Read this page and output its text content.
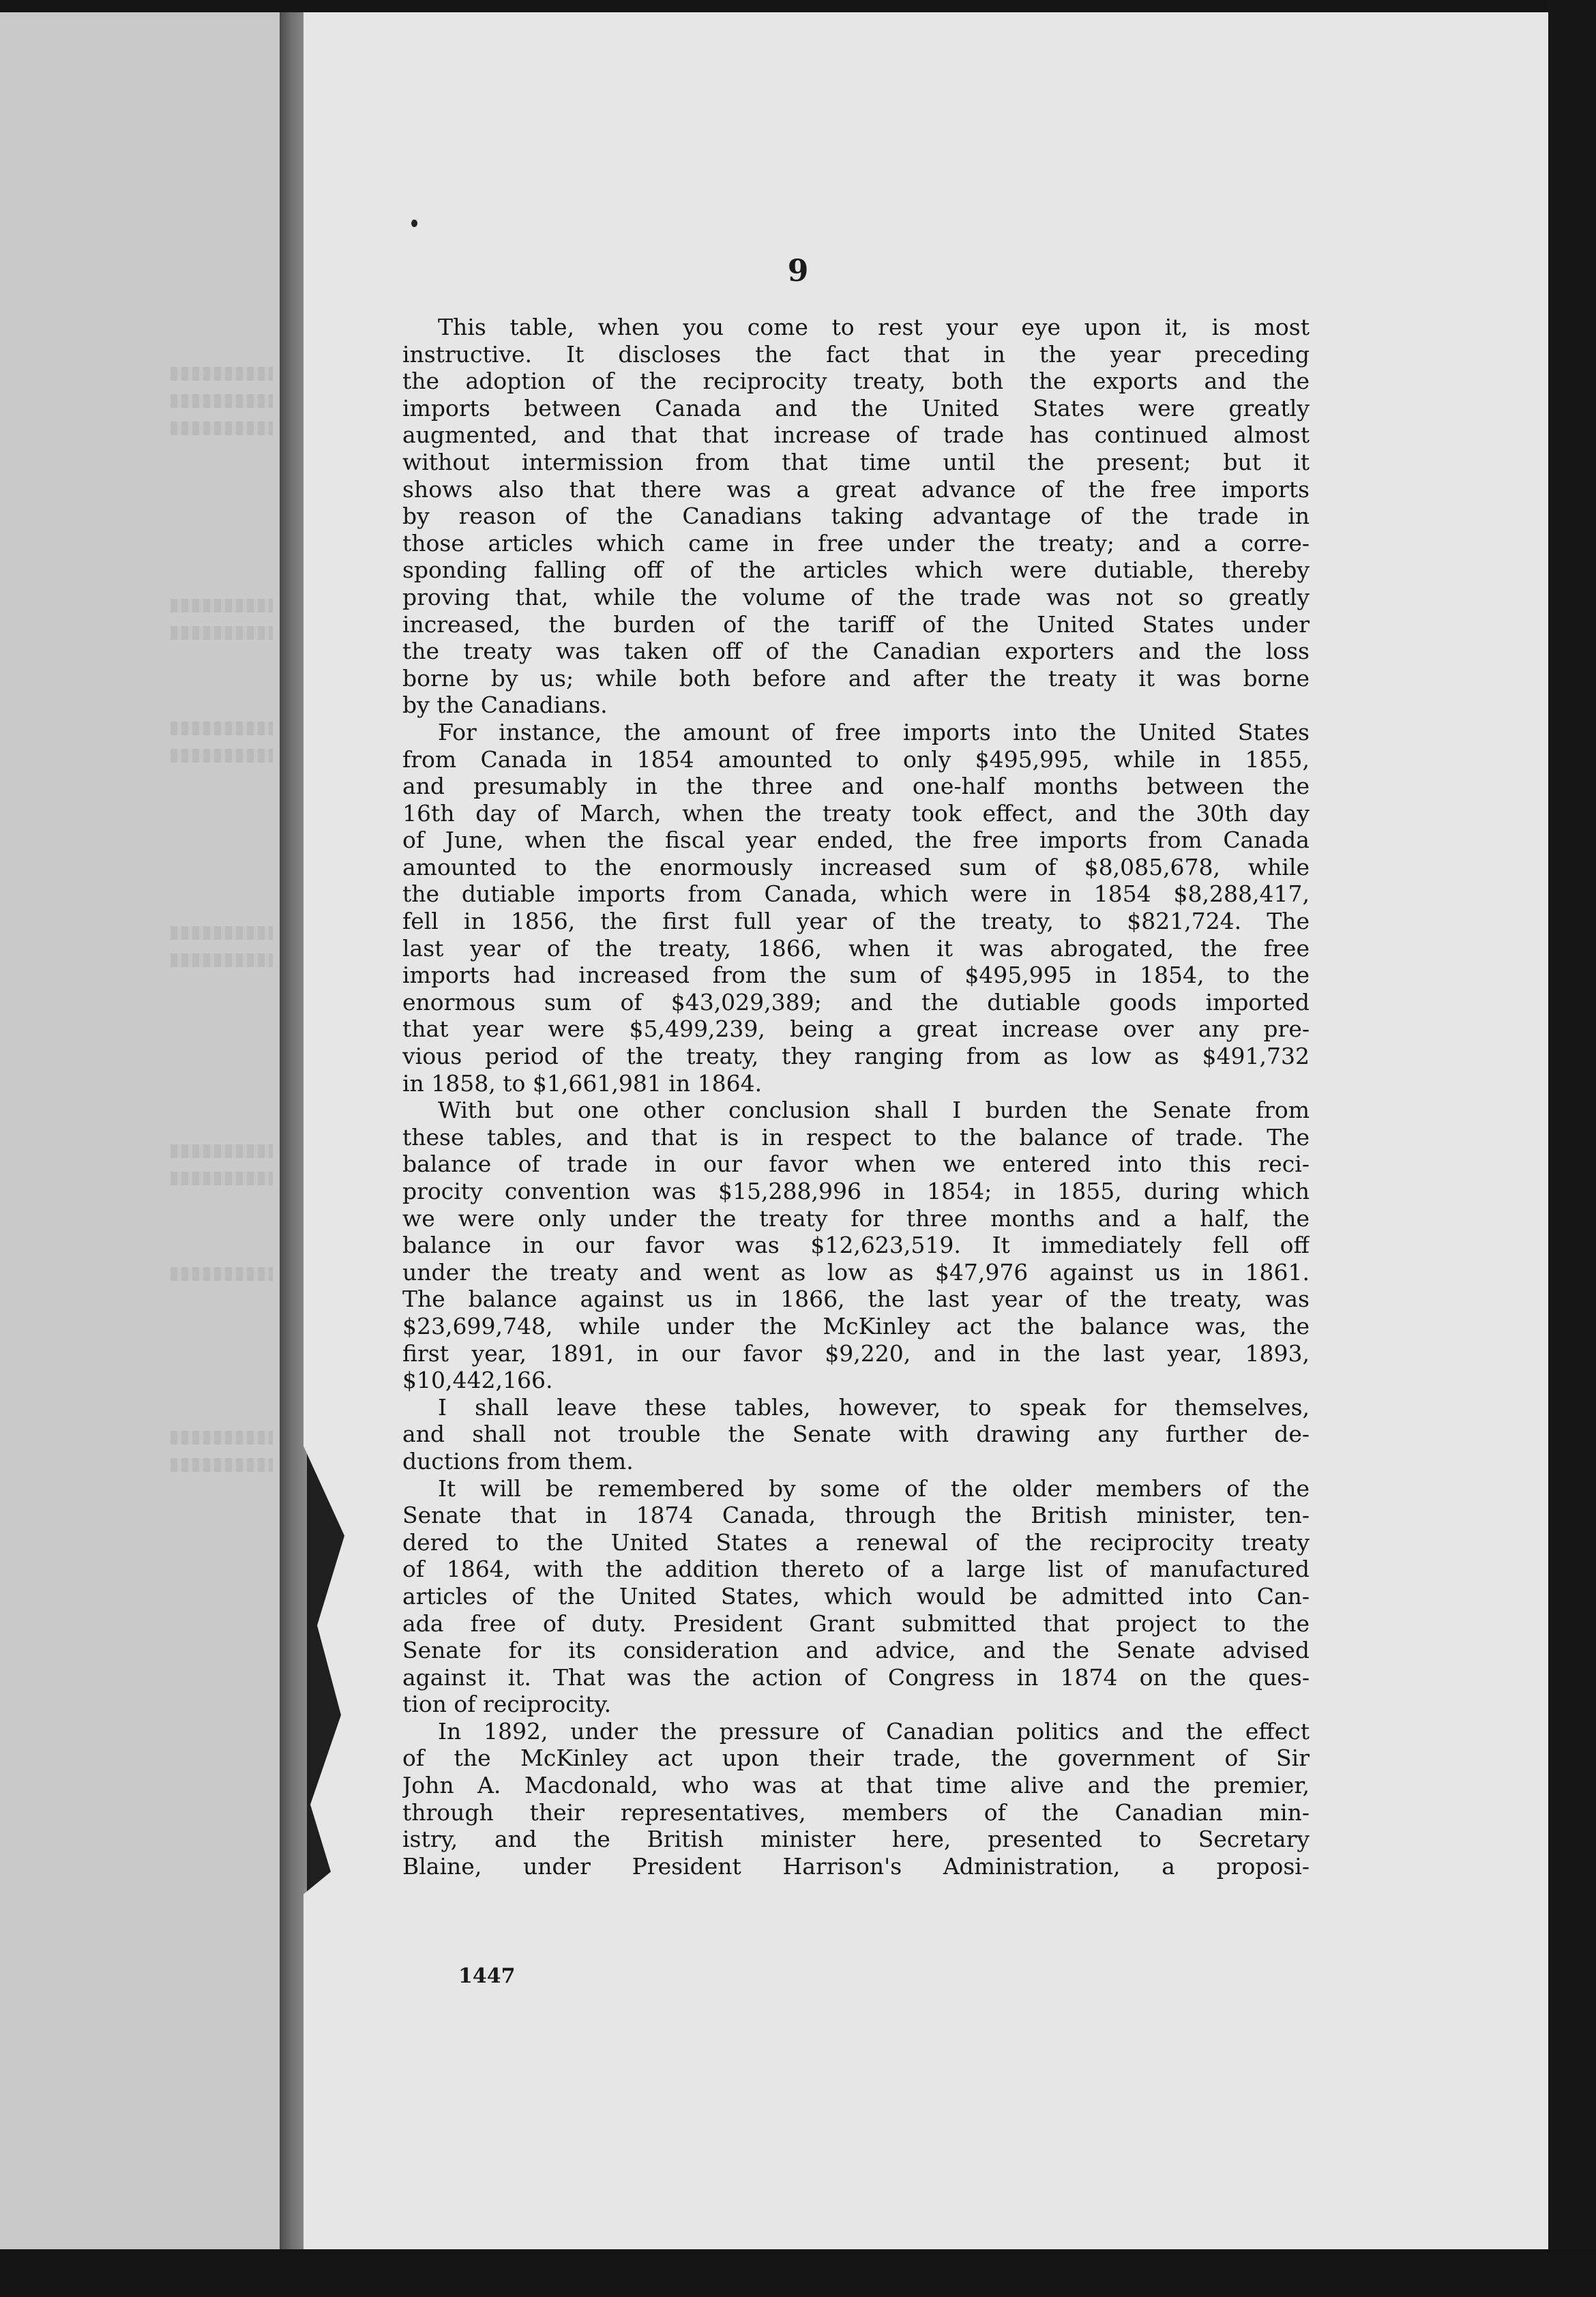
9
This table, when you come to rest your eye upon it, is most
instructive. It discloses the fact that in the year preceding
the adoption of the reciprocity treaty, both the exports and the
imports between Canada and the United States were greatly
augmented, and that that increase of trade has continued almost
without intermission from that time until the present; but it
shows also that there was a great advance of the free imports
by reason of the Canadians taking advantage of the trade in
those articles which came in free under the treaty; and a corre-
sponding falling off of the articles which were dutiable, thereby
proving that, while the volume of the trade was not so greatly
increased, the burden of the tariff of the United States under
the treaty was taken off of the Canadian exporters and the loss
borne by us; while both before and after the treaty it was borne
by the Canadians.
For instance, the amount of free imports into the United States
from Canada in 1854 amounted to only $495,995, while in 1855,
and presumably in the three and one-half months between the
16th day of March, when the treaty took effect, and the 30th day
of June, when the fiscal year ended, the free imports from Canada
amounted to the enormously increased sum of $8,085,678, while
the dutiable imports from Canada, which were in 1854 $8,288,417,
fell in 1856, the first full year of the treaty, to $821,724. The
last year of the treaty, 1866, when it was abrogated, the free
imports had increased from the sum of $495,995 in 1854, to the
enormous sum of $43,029,389; and the dutiable goods imported
that year were $5,499,239, being a great increase over any pre-
vious period of the treaty, they ranging from as low as $491,732
in 1858, to $1,661,981 in 1864.
With but one other conclusion shall I burden the Senate from
these tables, and that is in respect to the balance of trade. The
balance of trade in our favor when we entered into this reci-
procity convention was $15,288,996 in 1854; in 1855, during which
we were only under the treaty for three months and a half, the
balance in our favor was $12,623,519. It immediately fell off
under the treaty and went as low as $47,976 against us in 1861.
The balance against us in 1866, the last year of the treaty, was
$23,699,748, while under the McKinley act the balance was, the
first year, 1891, in our favor $9,220, and in the last year, 1893,
$10,442,166.
I shall leave these tables, however, to speak for themselves,
and shall not trouble the Senate with drawing any further de-
ductions from them.
It will be remembered by some of the older members of the
Senate that in 1874 Canada, through the British minister, ten-
dered to the United States a renewal of the reciprocity treaty
of 1864, with the addition thereto of a large list of manufactured
articles of the United States, which would be admitted into Can-
ada free of duty. President Grant submitted that project to the
Senate for its consideration and advice, and the Senate advised
against it. That was the action of Congress in 1874 on the ques-
tion of reciprocity.
In 1892, under the pressure of Canadian politics and the effect
of the McKinley act upon their trade, the government of Sir
John A. Macdonald, who was at that time alive and the premier,
through their representatives, members of the Canadian min-
istry, and the British minister here, presented to Secretary
Blaine, under President Harrison's Administration, a proposi-
1447
